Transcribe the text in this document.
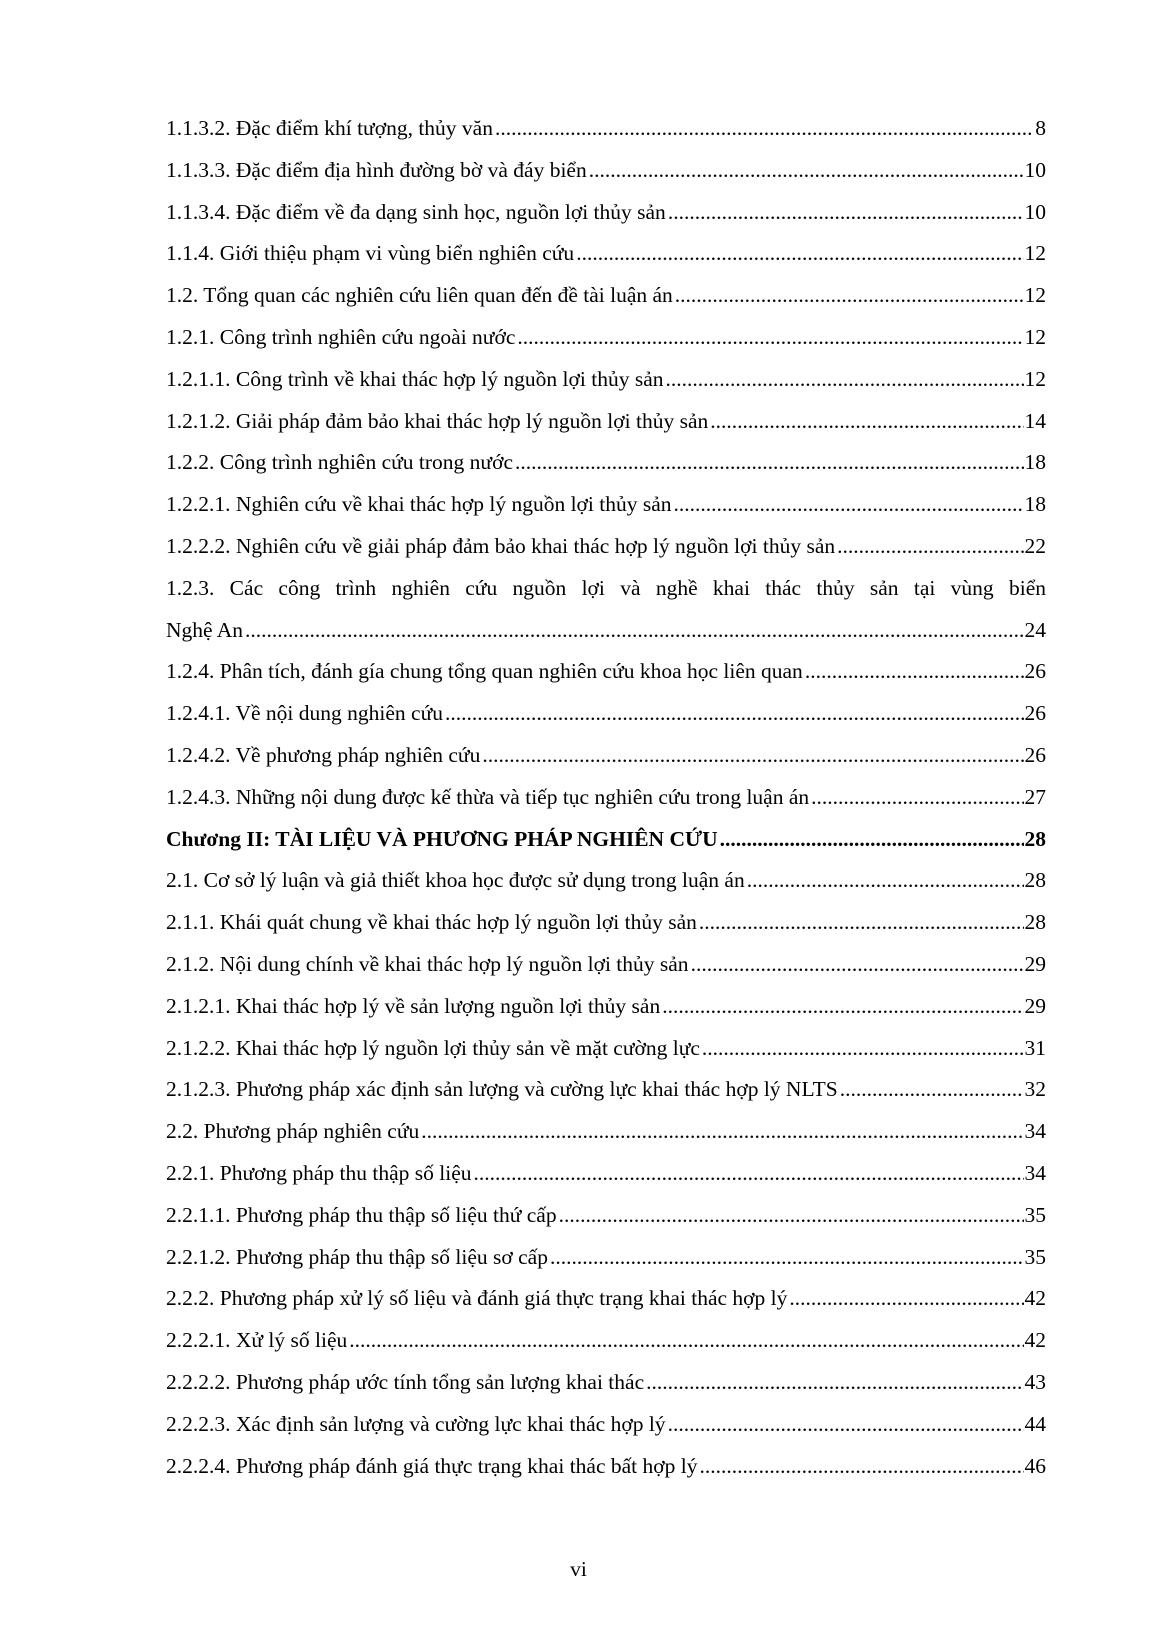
1.1.3.2. Đặc điểm khí tượng, thủy văn .....	8
1.1.3.3. Đặc điểm địa hình đường bờ và đáy biển .....	10
1.1.3.4. Đặc điểm về đa dạng sinh học, nguồn lợi thủy sản .....	10
1.1.4. Giới thiệu phạm vi vùng biển nghiên cứu .....	12
1.2. Tổng quan các nghiên cứu liên quan đến đề tài luận án .....	12
1.2.1. Công trình nghiên cứu ngoài nước .....	12
1.2.1.1. Công trình về khai thác hợp lý nguồn lợi thủy sản .....	12
1.2.1.2. Giải pháp đảm bảo khai thác hợp lý nguồn lợi thủy sản .....	14
1.2.2. Công trình nghiên cứu trong nước .....	18
1.2.2.1. Nghiên cứu về khai thác hợp lý nguồn lợi thủy sản .....	18
1.2.2.2. Nghiên cứu về giải pháp đảm bảo khai thác hợp lý nguồn lợi thủy sản .....	22
1.2.3. Các công trình nghiên cứu nguồn lợi và nghề khai thác thủy sản tại vùng biển
Nghệ An .....	24
1.2.4. Phân tích, đánh gía chung tổng quan nghiên cứu khoa học liên quan .....	26
1.2.4.1. Về nội dung nghiên cứu .....	26
1.2.4.2. Về phương pháp nghiên cứu .....	26
1.2.4.3. Những nội dung được kế thừa và tiếp tục nghiên cứu trong luận án .....	27
Chương II: TÀI LIỆU VÀ PHƯƠNG PHÁP NGHIÊN CỨU .....	28
2.1. Cơ sở lý luận và giả thiết khoa học được sử dụng trong luận án .....	28
2.1.1. Khái quát chung về khai thác hợp lý nguồn lợi thủy sản .....	28
2.1.2. Nội dung chính về khai thác hợp lý nguồn lợi thủy sản .....	29
2.1.2.1. Khai thác hợp lý về sản lượng nguồn lợi thủy sản .....	29
2.1.2.2. Khai thác hợp lý nguồn lợi thủy sản về mặt cường lực .....	31
2.1.2.3. Phương pháp xác định sản lượng và cường lực khai thác hợp lý NLTS .....	32
2.2. Phương pháp nghiên cứu .....	34
2.2.1. Phương pháp thu thập số liệu .....	34
2.2.1.1. Phương pháp thu thập số liệu thứ cấp .....	35
2.2.1.2. Phương pháp thu thập số liệu sơ cấp .....	35
2.2.2. Phương pháp xử lý số liệu và đánh giá thực trạng khai thác hợp lý .....	42
2.2.2.1. Xử lý số liệu .....	42
2.2.2.2. Phương pháp ước tính tổng sản lượng khai thác .....	43
2.2.2.3. Xác định sản lượng và cường lực khai thác hợp lý .....	44
2.2.2.4. Phương pháp đánh giá thực trạng khai thác bất hợp lý .....	46
vi
